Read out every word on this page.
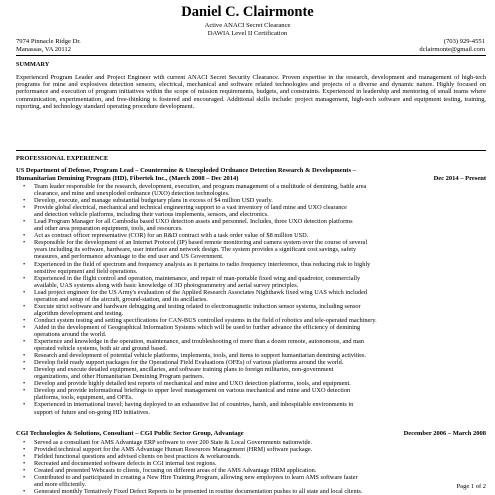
Daniel C. Clairmonte
Active ANACI Secret Clearance
DAWIA Level II Certification
7974 Pinnacle Ridge Dr.
Manassas, VA 20112
(703) 929-4551
dclairmonte@gmail.com
SUMMARY

Experienced Program Leader and Project Engineer with current ANACI Secret Security Clearance. Proven expertise in the research, development and management of high-tech programs for mine and explosives detection sensors, electrical, mechanical and software related technologies and projects of a diverse and dynamic nature. Highly focused on performance and execution of program initiatives within the scope of mission requirements, budgets, and constraints. Experienced in leadership and mentoring of small teams where communication, experimentation, and free-thinking is fostered and encouraged. Additional skills include: project management, high-tech software and equipment testing, training, reporting, and technology standard operating procedure development.

PROFESSIONAL EXPERIENCE
US Department of Defense, Program Lead – Countermine & Unexploded Ordnance Detection Research & Developments –
Humanitarian Demining Program (HD), Fibertek Inc., (March 2008 – Dec 2014)	Dec 2014 – Present
• Team leader responsible for the research, development, execution, and program management of a multitude of demining, battle area
clearance, and mine and unexploded ordnance (UXO) detection technologies.
• Develop, execute, and manage substantial budgetary plans in excess of $4 million USD yearly.
• Provide global electrical, mechanical and technical engineering support to a vast inventory of land mine and UXO clearance
and detection vehicle platforms, including their various implements, sensors, and electronics.
• Lead Program Manager for all Cambodia based UXO detection assets and personnel. Includes, three UXO detection platforms
and other area preparation equipment, tools, and resources.
• Act as contract officer representative (COR) for an R&D contract with a task order value of $8 million USD.
• Responsible for the development of an Internet Protocol (IP) based remote monitoring and camera system over the course of several
years including its software, hardware, user interface and network design. The system provides a significant cost savings, safety
measures, and performance advantage to the end user and US Government.
• Experienced in the field of spectrum and frequency analysis as it pertains to radio frequency interference, thus reducing risk to highly
sensitive equipment and field operations.
• Experienced in the flight control and operation, maintenance, and repair of man-portable fixed wing and quadrotor, commercially
available, UAS systems along with basic knowledge of 3D photogrammetry and aerial survey principles.
• Lead project engineer for the US Army's evaluation of the Applied Research Associates Nighthawk fixed wing UAS which included
operation and setup of the aircraft, ground-station, and its ancillaries.
• Execute strict software and hardware debugging and testing related to electromagnetic induction sensor systems, including sensor
algorithm development and testing.
• Conduct system testing and setting specifications for CAN-BUS controlled systems in the field of robotics and tele-operated machinery.
• Aided in the development of Geographical Information Systems which will be used to further advance the efficiency of demining
operations around the world.
• Experience and knowledge in the operation, maintenance, and troubleshooting of more than a dozen remote, autonomous, and man
operated vehicle systems, both air and ground based.
• Research and development of potential vehicle platforms, implements, tools, and items to support humanitarian demining activities.
• Develop field ready support packages for the Operational Field Evaluations (OFEs) of various platforms around the world.
• Develop and execute detailed equipment, ancillaries, and software training plans to foreign militaries, non-government
organizations, and other Humanitarian Demining Program partners.
• Develop and provide highly detailed test reports of mechanical and mine and UXO detection platforms, tools, and equipment.
• Develop and provide informational briefings to upper level management on various mechanical and mine and UXO detection
platforms, tools, equipment, and OFEs.
• Experienced in international travel; having deployed to an exhaustive list of countries, harsh, and inhospitable environments in
support of future and on-going HD initiatives.
CGI Technologies & Solutions, Consultant – CGI Public Sector Group, Advantage	December 2006 – March 2008
• Served as a consultant for AMS Advantage ERP software to over 200 State & Local Governments nationwide.
• Provided technical support for the AMS Advantage Human Resources Management (HRM) software package.
• Fielded functional questions and advised clients on best practices & workarounds.
• Recreated and documented software defects in CGI internal test regions.
• Created and presented Webcasts to clients, focusing on different areas of the AMS Advantage HRM application.
• Contributed to and participated in creating a New Hire Training Program, allowing new employees to learn AMS software faster
and more efficiently.
• Generated monthly Tentatively Fixed Defect Reports to be presented in routine documentation pushes to all state and local clients.
Page 1 of 2
